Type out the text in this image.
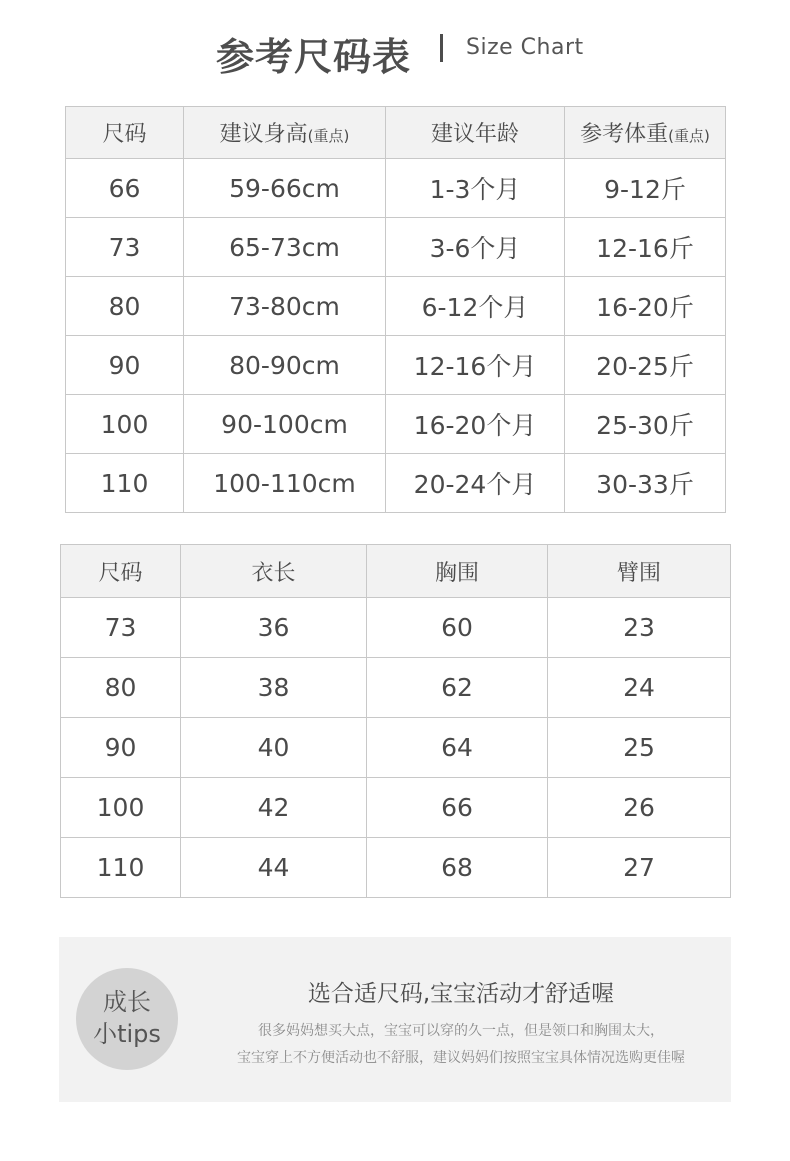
参考尺码表 Size Chart
尺码	建议身高(重点)	建议年龄	参考体重(重点)
66	59-66cm	1-3个月	9-12斤
73	65-73cm	3-6个月	12-16斤
80	73-80cm	6-12个月	16-20斤
90	80-90cm	12-16个月	20-25斤
100	90-100cm	16-20个月	25-30斤
110	100-110cm	20-24个月	30-33斤
尺码	衣长	胸围	臂围
73	36	60	23
80	38	62	24
90	40	64	25
100	42	66	26
110	44	68	27
成长
小tips
选合适尺码,宝宝活动才舒适喔
很多妈妈想买大点，宝宝可以穿的久一点，但是领口和胸围太大，
宝宝穿上不方便活动也不舒服，建议妈妈们按照宝宝具体情况选购更佳喔
